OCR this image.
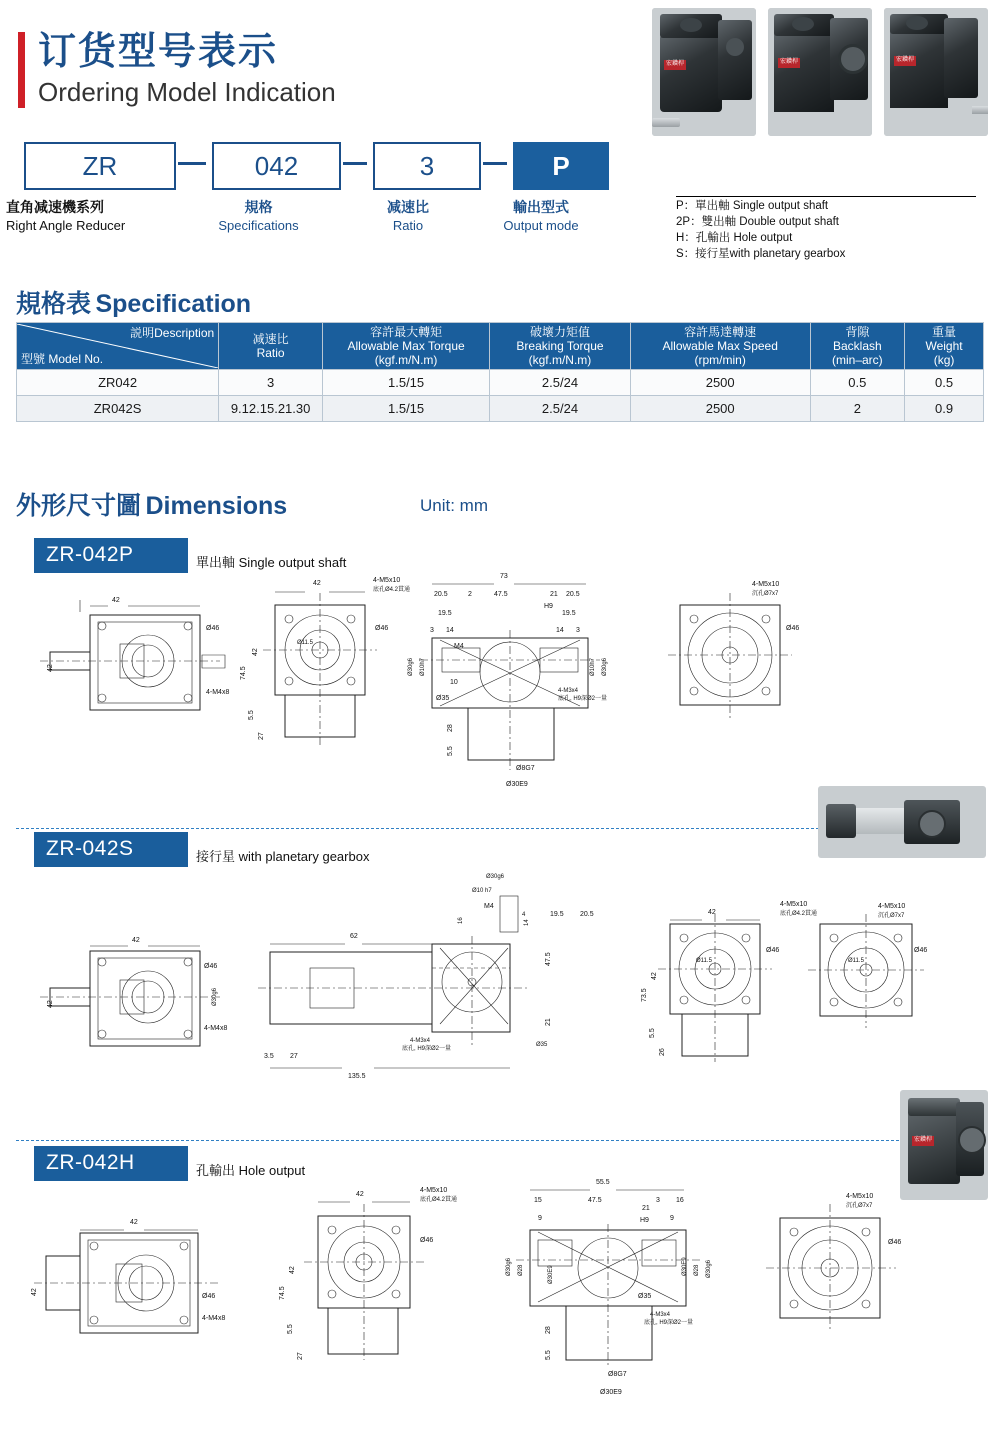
订货型号表示
Ordering Model Indication
宏鑽桿	宏鑽桿	宏鑽桿
ZR	042	3	P
直角减速機系列
Right Angle Reducer
規格
Specifications
减速比
Ratio
輸出型式
Output mode
P：單出軸 Single output shaft
2P：雙出軸 Double output shaft
H：孔輸出 Hole output
S：接行星with planetary gearbox
規格表 Specification
説明Description
型號 Model No.

减速比
Ratio

容許最大轉矩
Allowable Max Torque
(kgf.m/N.m)

破壞力矩值
Breaking Torque
(kgf.m/N.m)

容許馬達轉速
Allowable Max Speed
(rpm/min)

背隙
Backlash
(min–arc)

重量
Weight
(kg)

ZR042	3	1.5/15	2.5/24	2500	0.5	0.5
ZR042S	9.12.15.21.30	1.5/15	2.5/24	2500	2	0.9
外形尺寸圖 Dimensions	Unit: mm
ZR-042P	單出軸 Single output shaft
42
Ø46
42
4-M4x8
42	4-M5x10
底孔Ø4.2貫通
Ø46
Ø11.5
42
74.5
5.5
27
73
20.5	2	47.5	21 20.5
19.5
H9
19.5
3 14	14 3
Ø30g6 Ø10h7	Ø10h7 Ø30g6
M4
10
Ø35
28
5.5
Ø8G7
Ø30E9
4-M3x4
底孔, H9深Ø2一量
4-M5x10
沉孔Ø7x7
Ø46
ZR-042S	接行星 with planetary gearbox
42
Ø46
42
4-M4x8
Ø30g6
62
Ø30g6
Ø10 h7
M4
16
4
135.5
3.5 27
4-M3x4
底孔, H9深Ø2一量
14
19.5 20.5
47.5
21
Ø35
42
Ø46
Ø11.5
42
73.5
5.5
26
4-M5x10
底孔Ø4.2貫通
4-M5x10
沉孔Ø7x7
Ø46
Ø11.5
ZR-042H	孔輸出 Hole output
宏鑽桿
42
Ø46
42
4-M4x8
42
4-M5x10
底孔Ø4.2貫通
Ø46
42
74.5
5.5
27
55.5
15	47.5	3 16
9
21
H9	9
Ø30g6 Ø28	Ø30E9	Ø30E9 Ø28 Ø30g6
Ø35
28
5.5
Ø8G7
Ø30E9
4-M3x4
底孔, H9深Ø2一量
4-M5x10
沉孔Ø7x7
Ø46
